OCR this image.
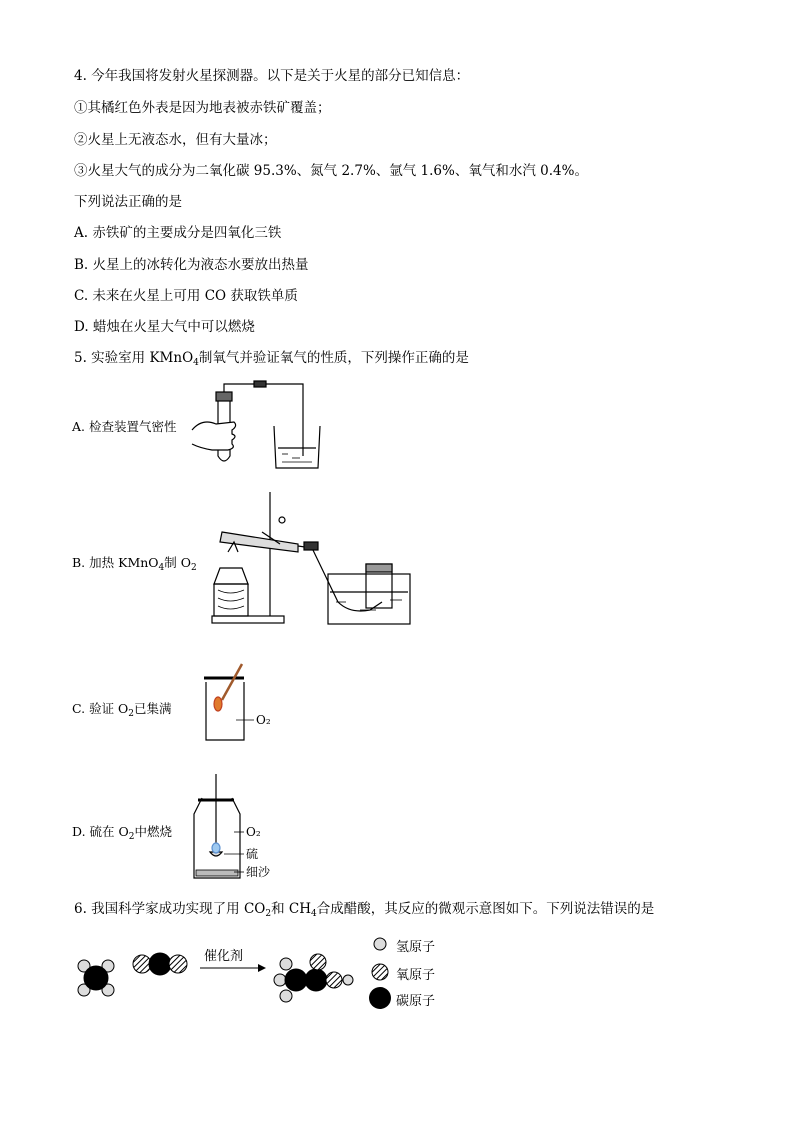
4. 今年我国将发射火星探测器。以下是关于火星的部分已知信息：
①其橘红色外表是因为地表被赤铁矿覆盖；
②火星上无液态水，但有大量冰；
③火星大气的成分为二氧化碳 95.3%、氮气 2.7%、氩气 1.6%、氧气和水汽 0.4%。
下列说法正确的是
A. 赤铁矿的主要成分是四氧化三铁
B. 火星上的冰转化为液态水要放出热量
C. 未来在火星上可用 CO 获取铁单质
D. 蜡烛在火星大气中可以燃烧
5. 实验室用 KMnO$_4$制氧气并验证氧气的性质，下列操作正确的是
A. 检查装置气密性
B. 加热 KMnO$_4$制 $O_2$
C. 验证 $O_2$已集满
D. 硫在 $O_2$中燃烧
O₂
O₂
硫
细沙
6. 我国科学家成功实现了用 $CO_2$和 $CH_4$合成醋酸，其反应的微观示意图如下。下列说法错误的是
催化剂
氢原子
氧原子
碳原子
